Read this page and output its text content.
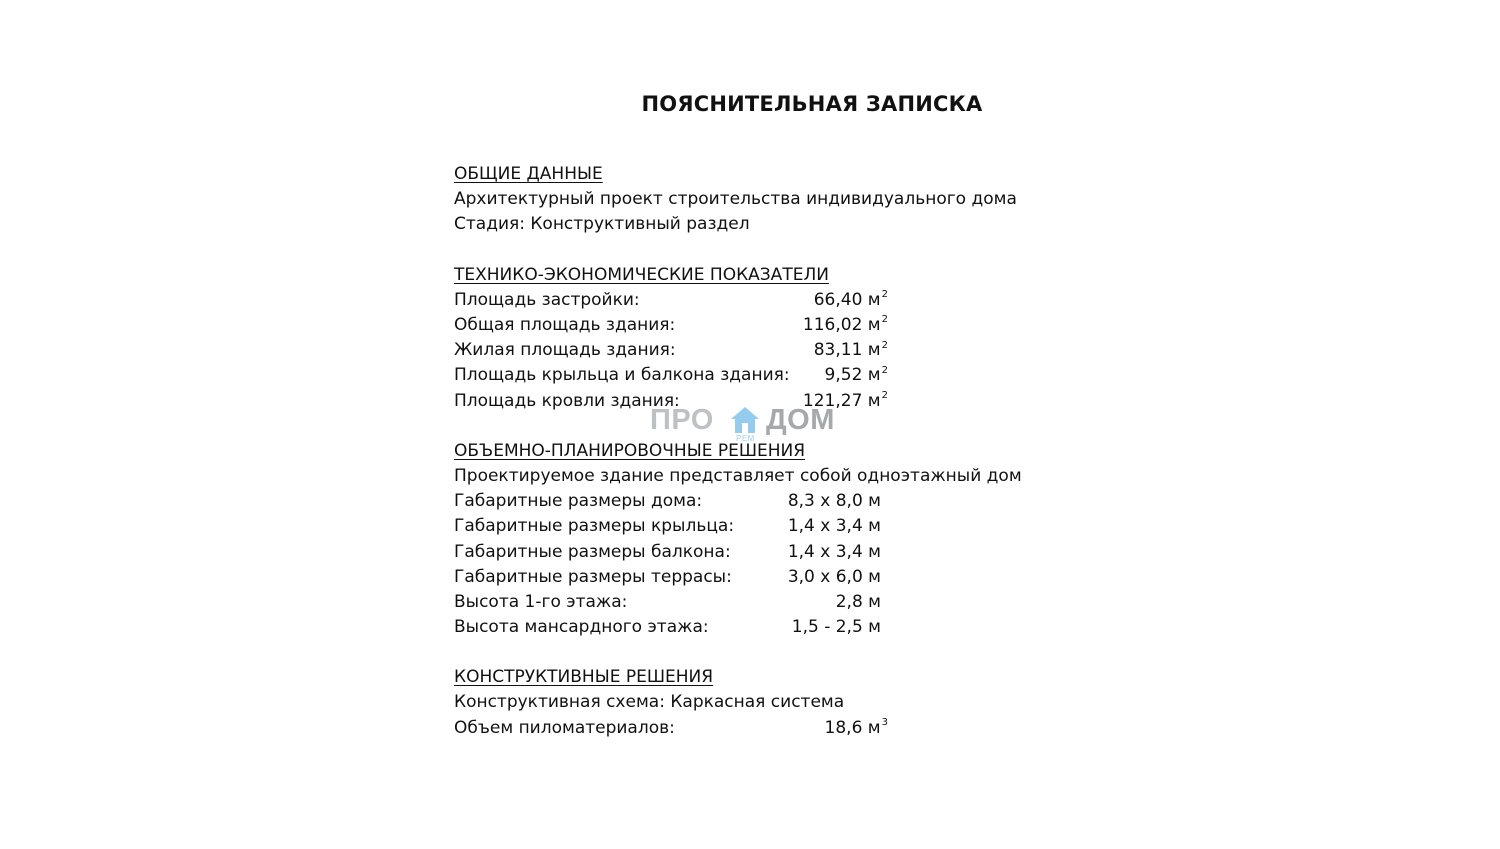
ПОЯСНИТЕЛЬНАЯ ЗАПИСКА
ОБЩИЕ ДАННЫЕ
Архитектурный проект строительства индивидуального дома
Стадия: Конструктивный раздел
ТЕХНИКО-ЭКОНОМИЧЕСКИЕ ПОКАЗАТЕЛИ
Площадь застройки:	66,40 $м^2$
Общая площадь здания:	116,02 $м^2$
Жилая площадь здания:	83,11 $м^2$
Площадь крыльца и балкона здания: 9,52 $м^2$
Площадь кровли здания:	121,27 $м^2$
ОБЪЕМНО-ПЛАНИРОВОЧНЫЕ РЕШЕНИЯ
Проектируемое здание представляет собой одноэтажный дом
Габаритные размеры дома:	8,3 x 8,0 м
Габаритные размеры крыльца:	1,4 x 3,4 м
Габаритные размеры балкона:	1,4 x 3,4 м
Габаритные размеры террасы:	3,0 x 6,0 м
Высота 1-го этажа:	2,8 м
Высота мансардного этажа:	1,5 - 2,5 м
КОНСТРУКТИВНЫЕ РЕШЕНИЯ
Конструктивная схема: Каркасная система
Объем пиломатериалов:	18,6 $м^3$
ПРО ДОМ
РЕМ
